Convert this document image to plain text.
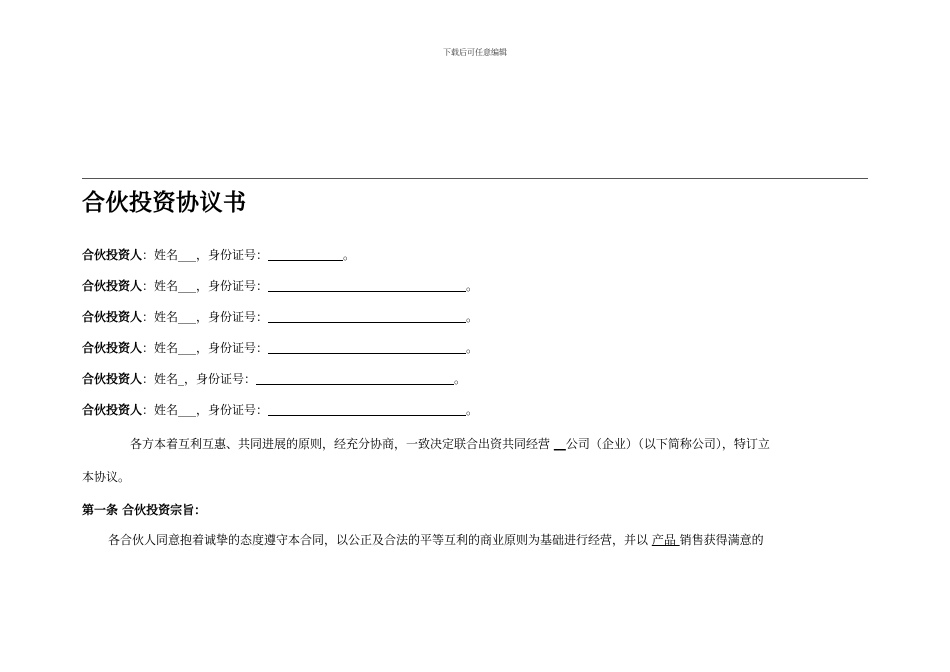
下载后可任意编辑
合伙投资协议书
合伙投资人：姓名___，身份证号：	。
合伙投资人：姓名___，身份证号：	。
合伙投资人：姓名___，身份证号：	。
合伙投资人：姓名___，身份证号：	。
合伙投资人：姓名_，身份证号：	。
合伙投资人：姓名___，身份证号：	。
各方本着互利互惠、共同进展的原则，经充分协商，一致决定联合出资共同经营 __公司（企业）（以下简称公司），特订立
本协议。
第一条 合伙投资宗旨：
各合伙人同意抱着诚挚的态度遵守本合同，以公正及合法的平等互利的商业原则为基础进行经营，并以 产品 销售获得满意的
